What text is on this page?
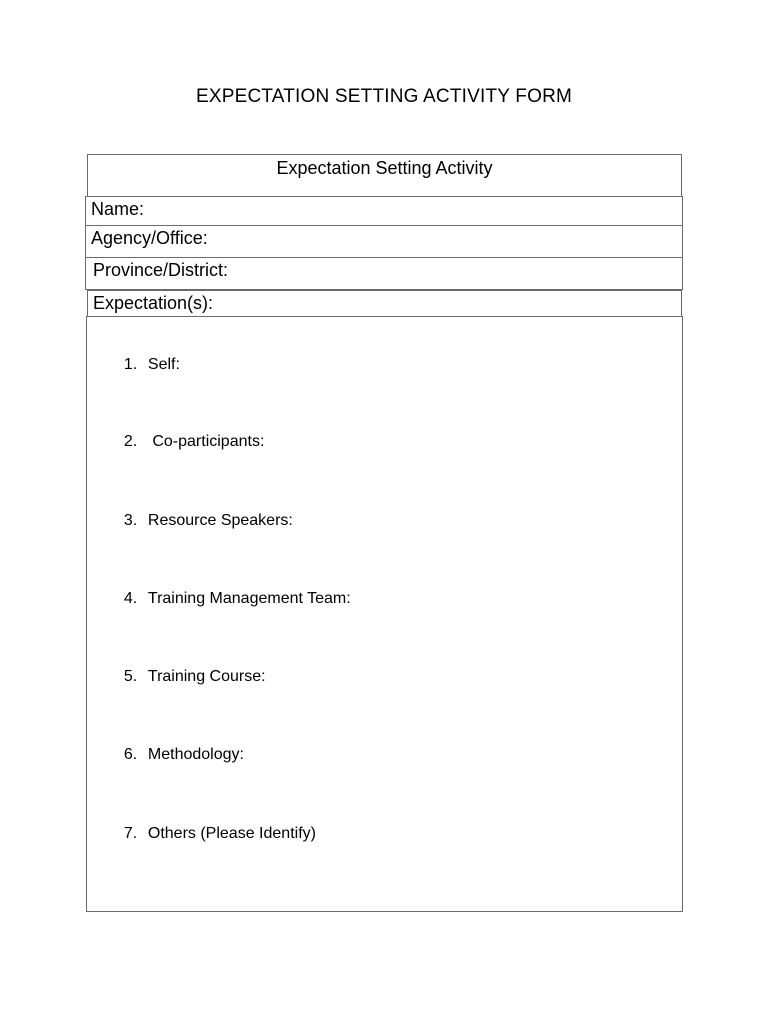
EXPECTATION SETTING ACTIVITY FORM
Expectation Setting Activity
Name:
Agency/Office:
Province/District:
Expectation(s):

1. Self:

2. Co-participants:

3. Resource Speakers:

4. Training Management Team:

5. Training Course:

6. Methodology:

7. Others (Please Identify)
